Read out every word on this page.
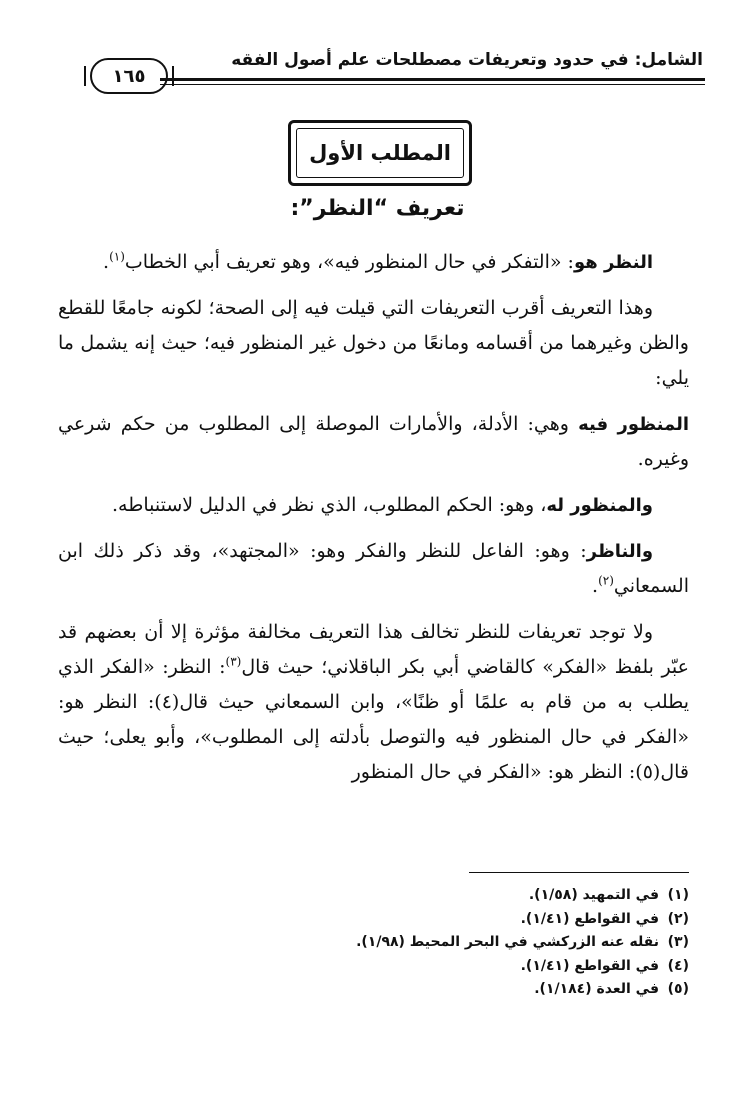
الشامل: في حدود وتعريفات مصطلحات علم أصول الفقه
١٦٥
المطلب الأول
تعريف “النظر”:

النظر هو: «التفكر في حال المنظور فيه»، وهو تعريف أبي الخطاب$^{(١)}$.

وهذا التعريف أقرب التعريفات التي قيلت فيه إلى الصحة؛ لكونه جامعًا للقطع والظن وغيرهما من أقسامه ومانعًا من دخول غير المنظور فيه؛ حيث إنه يشمل ما يلي:

المنظور فيه وهي: الأدلة، والأمارات الموصلة إلى المطلوب من حكم شرعي وغيره.

والمنظور له، وهو: الحكم المطلوب، الذي نظر في الدليل لاستنباطه.

والناظر: وهو: الفاعل للنظر والفكر وهو: «المجتهد»، وقد ذكر ذلك ابن السمعاني$^{(٢)}$.

ولا توجد تعريفات للنظر تخالف هذا التعريف مخالفة مؤثرة إلا أن بعضهم قد عبّر بلفظ «الفكر» كالقاضي أبي بكر الباقلاني؛ حيث قال$^{(٣)}$: النظر: «الفكر الذي يطلب به من قام به علمًا أو ظنًا»، وابن السمعاني حيث قال(٤): النظر هو: «الفكر في حال المنظور فيه والتوصل بأدلته إلى المطلوب»، وأبو يعلى؛ حيث قال(٥): النظر هو: «الفكر في حال المنظور

(١)في التمهيد (١/٥٨).
(٢)في القواطع (١/٤١).
(٣)نقله عنه الزركشي في البحر المحيط (١/٩٨).
(٤)في القواطع (١/٤١).
(٥)في العدة (١/١٨٤).
